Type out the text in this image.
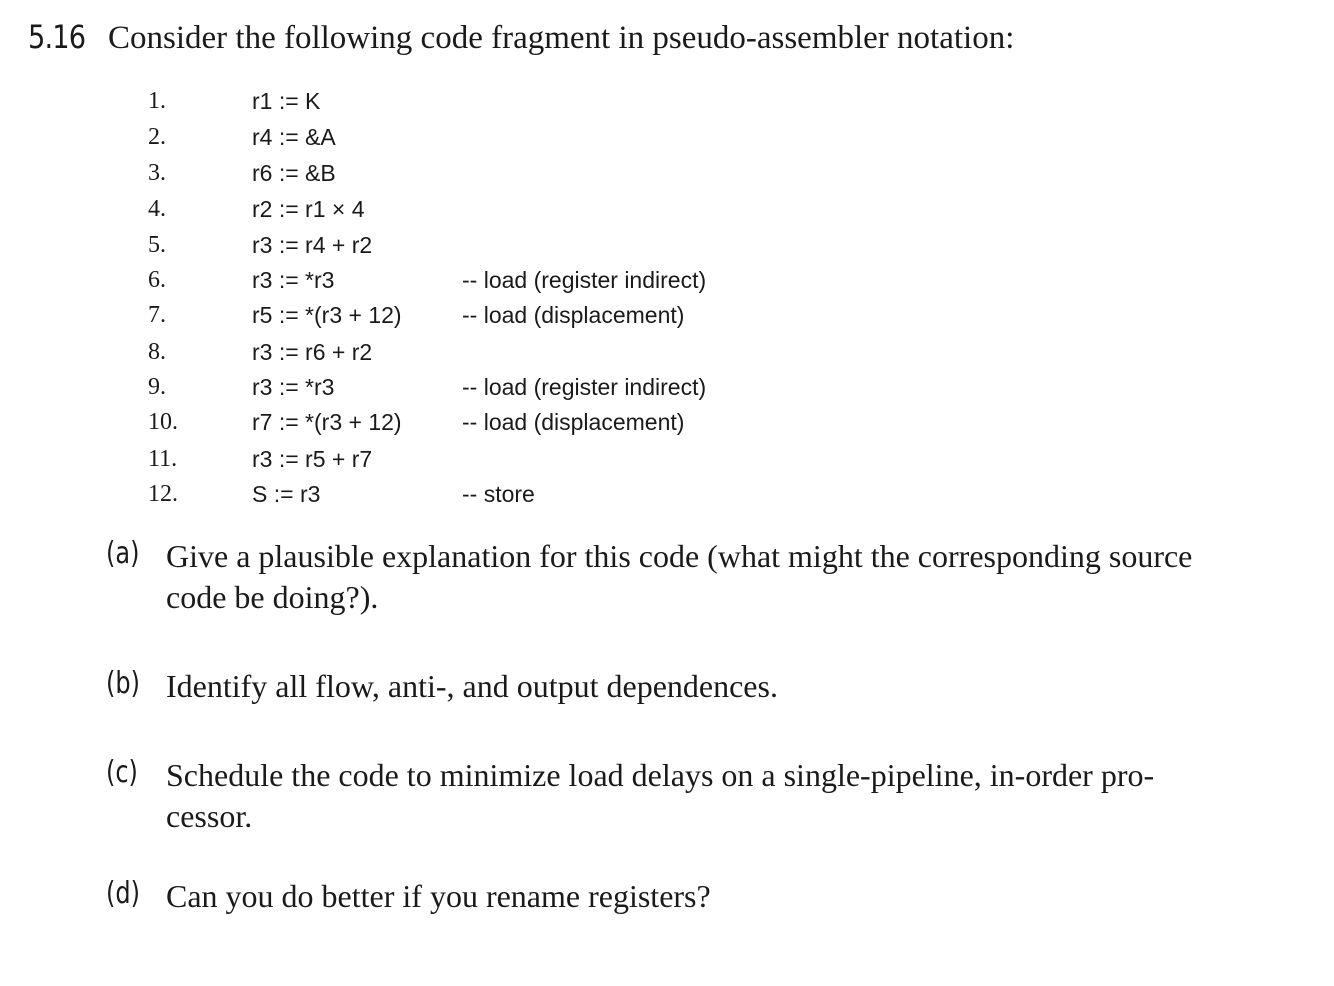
5.16 Consider the following code fragment in pseudo-assembler notation:
1.	r1 := K
2.	r4 := &A
3.	r6 := &B
4.	r2 := r1 × 4
5.	r3 := r4 + r2
6.	r3 := *r3	-- load (register indirect)
7.	r5 := *(r3 + 12)	-- load (displacement)
8.	r3 := r6 + r2
9.	r3 := *r3	-- load (register indirect)
10.	r7 := *(r3 + 12)	-- load (displacement)
11.	r3 := r5 + r7
12.	S := r3	-- store
(a) Give a plausible explanation for this code (what might the corresponding source code be doing?).
(b) Identify all flow, anti-, and output dependences.
(c) Schedule the code to minimize load delays on a single-pipeline, in-order pro-cessor.
(d) Can you do better if you rename registers?
